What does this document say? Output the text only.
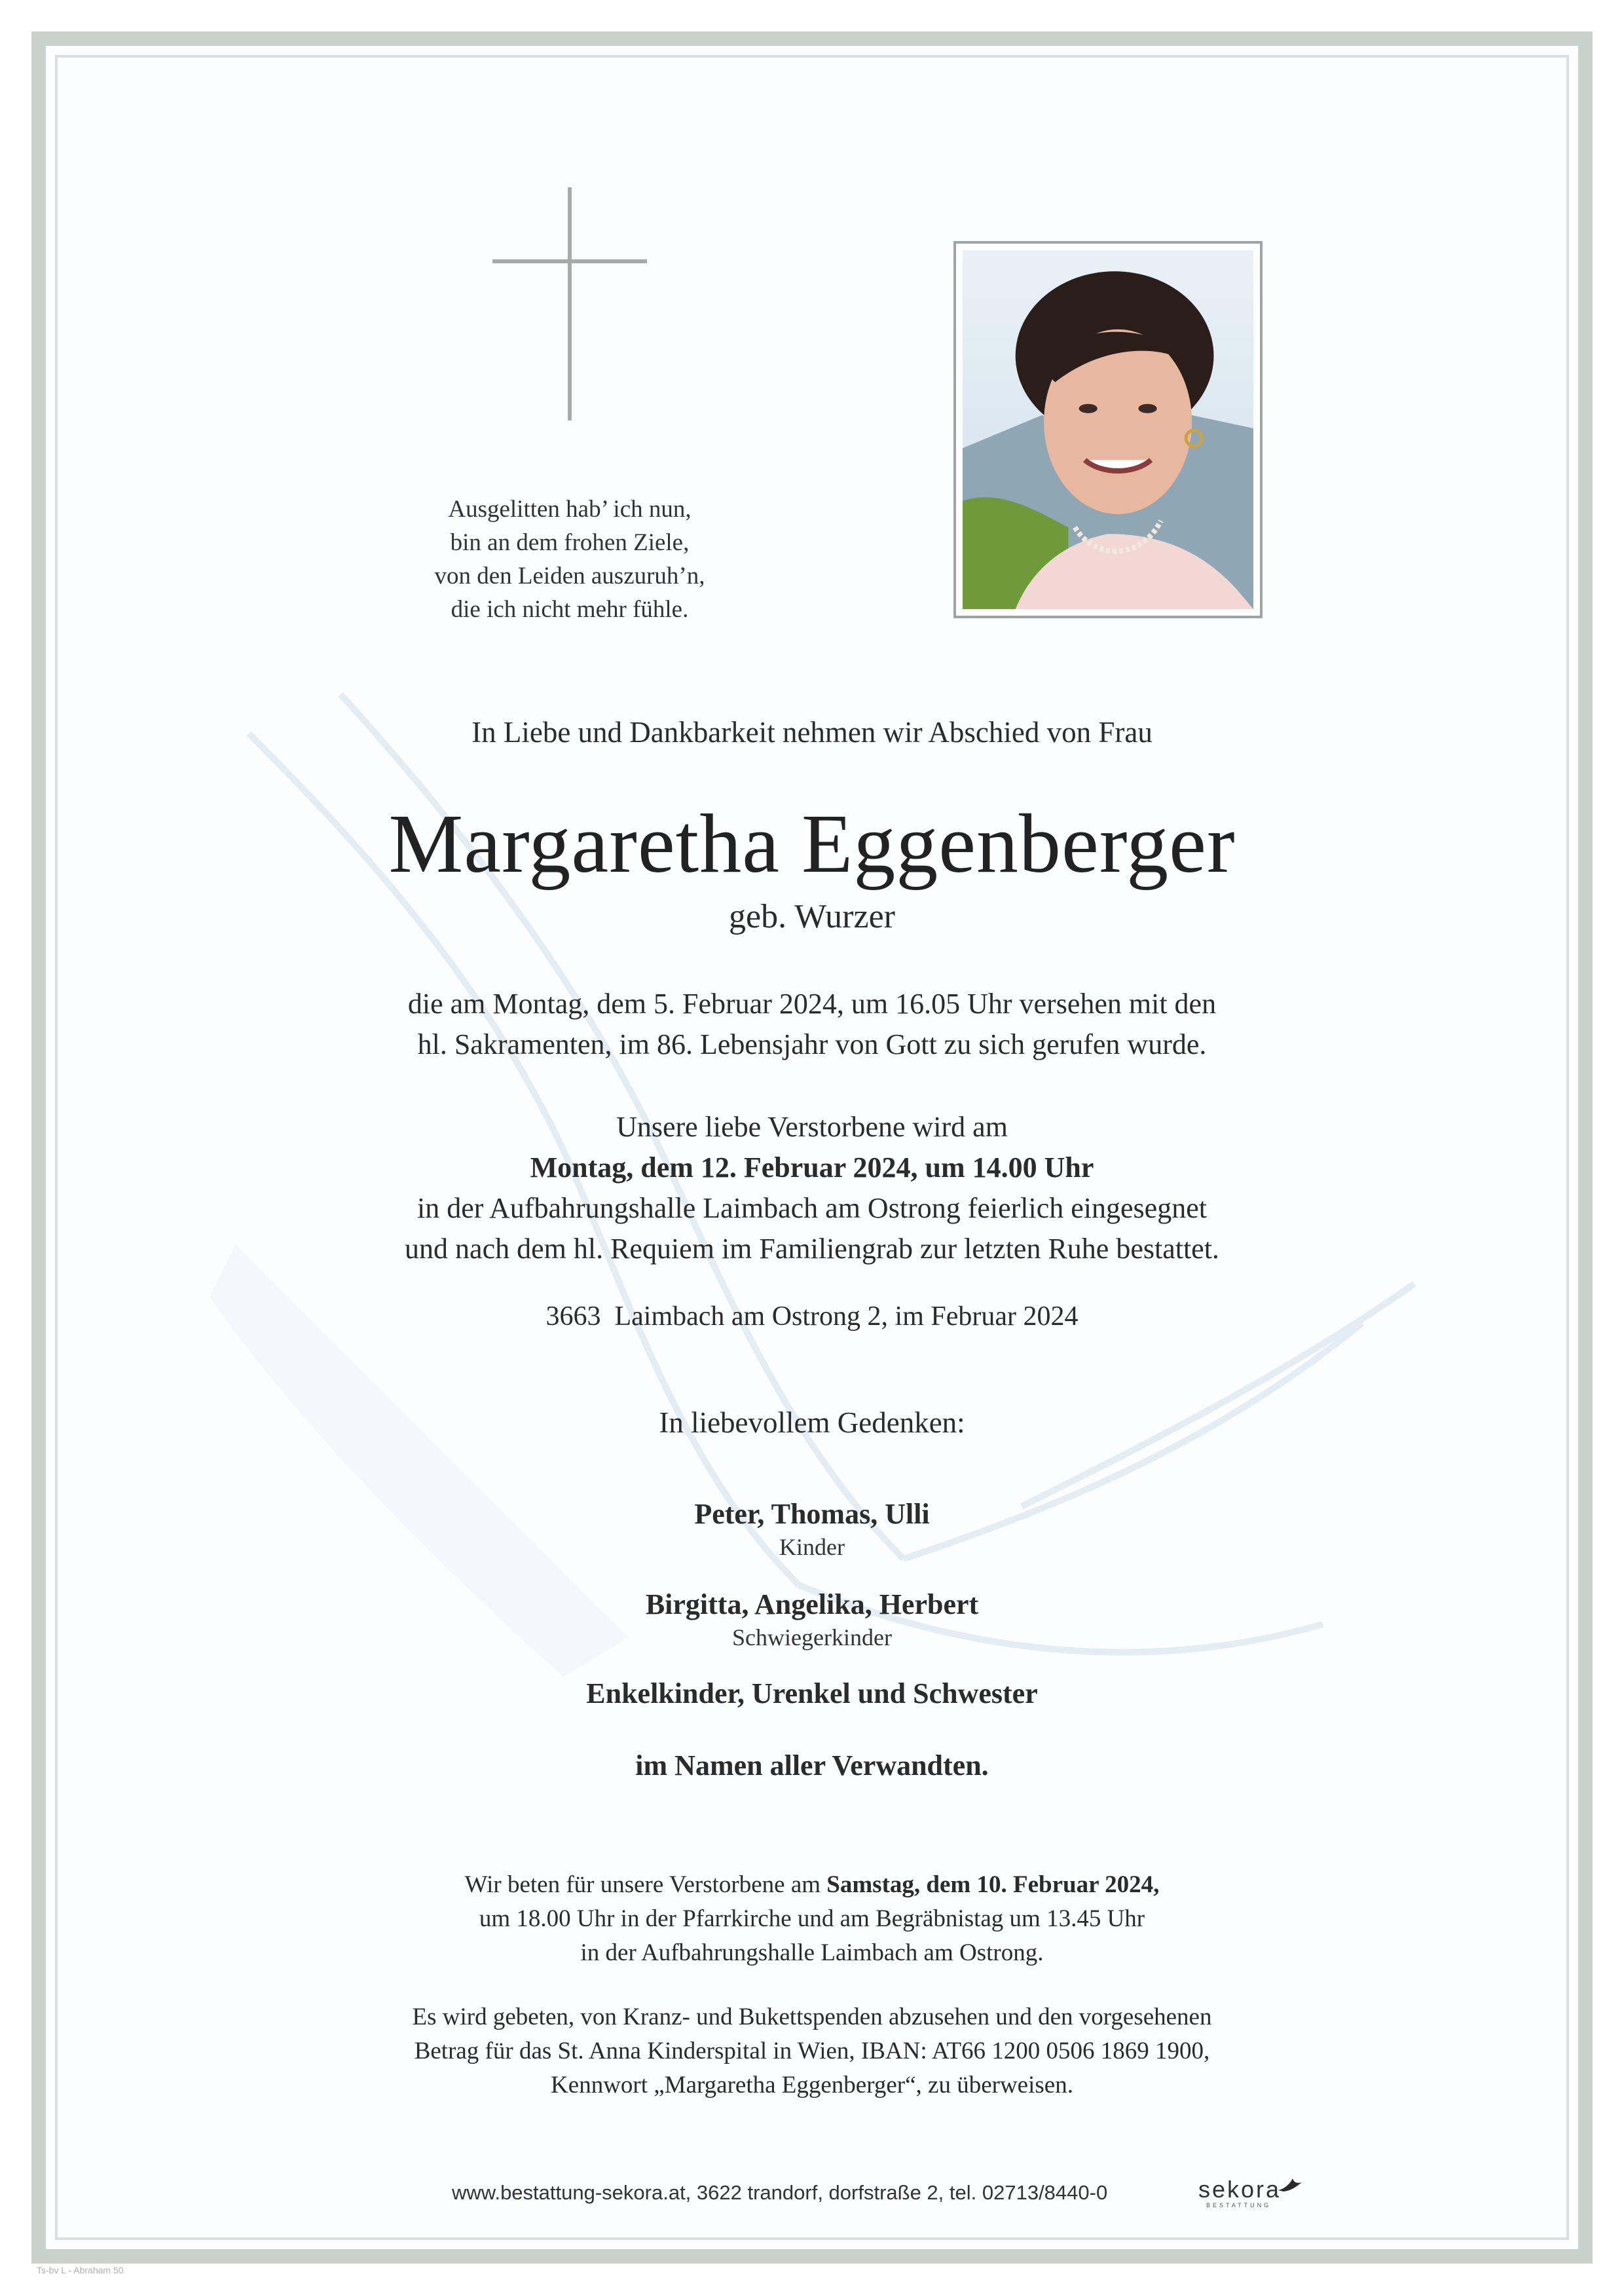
Ausgelitten hab’ ich nun,
bin an dem frohen Ziele,
von den Leiden auszuruh’n,
die ich nicht mehr fühle.
In Liebe und Dankbarkeit nehmen wir Abschied von Frau
Margaretha Eggenberger
geb. Wurzer
die am Montag, dem 5. Februar 2024, um 16.05 Uhr versehen mit den
hl. Sakramenten, im 86. Lebensjahr von Gott zu sich gerufen wurde.
Unsere liebe Verstorbene wird am
Montag, dem 12. Februar 2024, um 14.00 Uhr
in der Aufbahrungshalle Laimbach am Ostrong feierlich eingesegnet
und nach dem hl. Requiem im Familiengrab zur letzten Ruhe bestattet.
3663  Laimbach am Ostrong 2, im Februar 2024
In liebevollem Gedenken:
Peter, Thomas, Ulli
Kinder
Birgitta, Angelika, Herbert
Schwiegerkinder
Enkelkinder, Urenkel und Schwester
im Namen aller Verwandten.
Wir beten für unsere Verstorbene am Samstag, dem 10. Februar 2024,
um 18.00 Uhr in der Pfarrkirche und am Begräbnistag um 13.45 Uhr
in der Aufbahrungshalle Laimbach am Ostrong.
Es wird gebeten, von Kranz- und Bukettspenden abzusehen und den vorgesehenen
Betrag für das St. Anna Kinderspital in Wien, IBAN: AT66 1200 0506 1869 1900,
Kennwort „Margaretha Eggenberger“, zu überweisen.
www.bestattung-sekora.at, 3622 trandorf, dorfstraße 2, tel. 02713/8440-0	sekora
BESTATTUNG
Ts-bv L - Abraham 50
